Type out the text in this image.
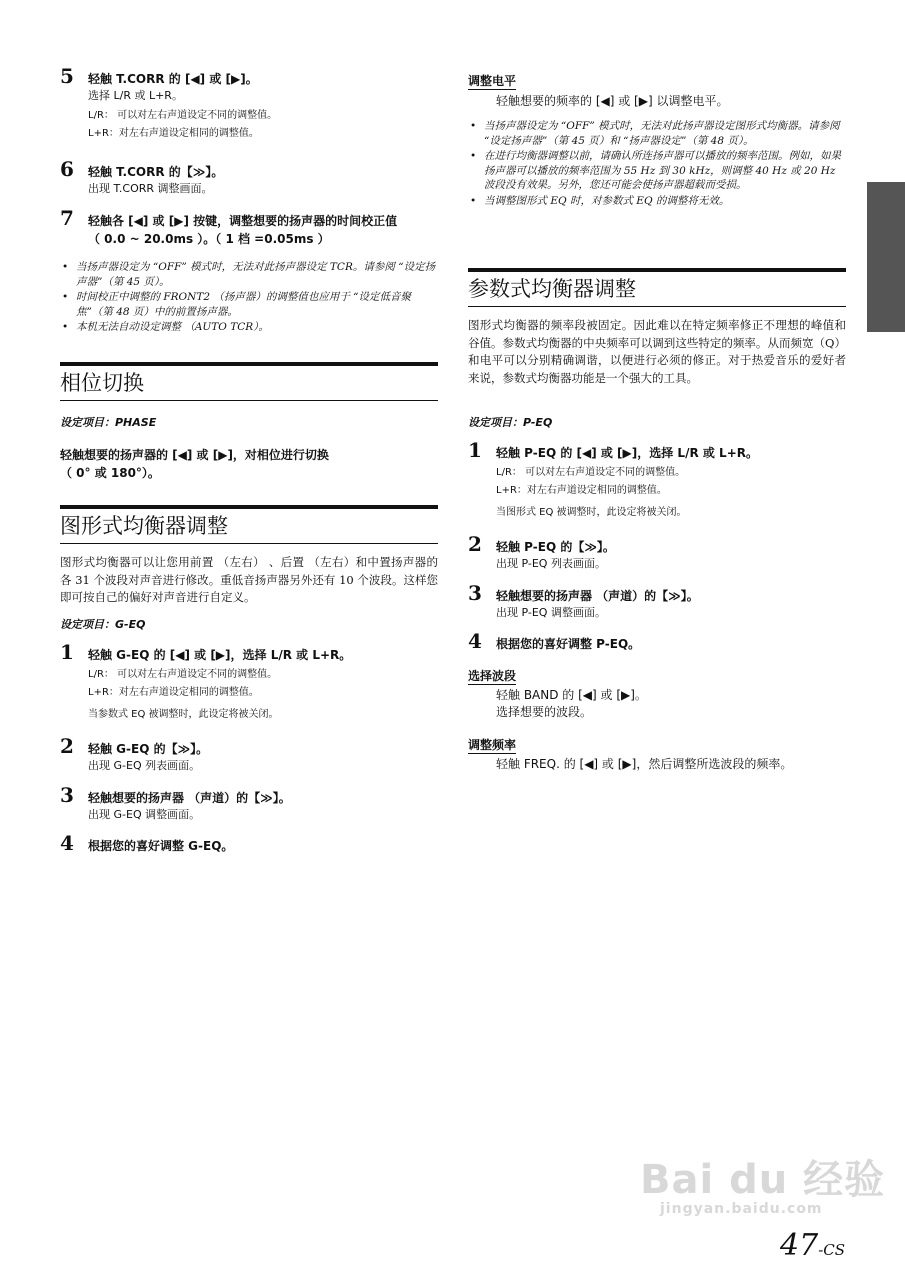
5 轻触 T.CORR 的 [◀] 或 [▶]。
选择 L/R 或 L+R。
L/R： 可以对左右声道设定不同的调整值。
L+R：对左右声道设定相同的调整值。
6 轻触 T.CORR 的【≫】。
出现 T.CORR 调整画面。
7 轻触各 [◀] 或 [▶] 按键，调整想要的扬声器的时间校正值
（ 0.0 ~ 20.0ms ）。（ 1 档 =0.05ms ）
• 当扬声器设定为 “OFF” 模式时，无法对此扬声器设定 TCR。请参阅 “设定扬声器”（第 45 页）。
• 时间校正中调整的 FRONT2 （扬声器）的调整值也应用于 “设定低音聚焦”（第 48 页）中的前置扬声器。
• 本机无法自动设定调整 （AUTO TCR）。
相位切换
设定项目：PHASE
轻触想要的扬声器的 [◀] 或 [▶]，对相位进行切换
（ 0° 或 180°）。
图形式均衡器调整
图形式均衡器可以让您用前置 （左右） 、后置 （左右）和中置扬声器的各 31 个波段对声音进行修改。重低音扬声器另外还有 10 个波段。这样您即可按自己的偏好对声音进行自定义。
设定项目：G-EQ
1 轻触 G-EQ 的 [◀] 或 [▶]，选择 L/R 或 L+R。
L/R： 可以对左右声道设定不同的调整值。
L+R：对左右声道设定相同的调整值。
当参数式 EQ 被调整时，此设定将被关闭。
2 轻触 G-EQ 的【≫】。
出现 G-EQ 列表画面。
3 轻触想要的扬声器 （声道）的【≫】。
出现 G-EQ 调整画面。
4 根据您的喜好调整 G-EQ。
调整电平
轻触想要的频率的 [◀] 或 [▶] 以调整电平。
• 当扬声器设定为 “OFF” 模式时，无法对此扬声器设定图形式均衡器。请参阅 “设定扬声器”（第 45 页）和 “扬声器设定”（第 48 页）。
• 在进行均衡器调整以前，请确认所连扬声器可以播放的频率范围。例如，如果扬声器可以播放的频率范围为 55 Hz 到 30 kHz，则调整 40 Hz 或 20 Hz 波段没有效果。另外，您还可能会使扬声器超载而受损。
• 当调整图形式 EQ 时，对参数式 EQ 的调整将无效。
参数式均衡器调整
图形式均衡器的频率段被固定。因此难以在特定频率修正不理想的峰值和谷值。参数式均衡器的中央频率可以调到这些特定的频率。从而频宽（Q）和电平可以分别精确调谐，以便进行必须的修正。对于热爱音乐的爱好者来说，参数式均衡器功能是一个强大的工具。
设定项目：P-EQ
1 轻触 P-EQ 的 [◀] 或 [▶]，选择 L/R 或 L+R。
L/R： 可以对左右声道设定不同的调整值。
L+R：对左右声道设定相同的调整值。
当图形式 EQ 被调整时，此设定将被关闭。
2 轻触 P-EQ 的【≫】。
出现 P-EQ 列表画面。
3 轻触想要的扬声器 （声道）的【≫】。
出现 P-EQ 调整画面。
4 根据您的喜好调整 P-EQ。
选择波段
轻触 BAND 的 [◀] 或 [▶]。
选择想要的波段。
调整频率
轻触 FREQ. 的 [◀] 或 [▶]，然后调整所选波段的频率。
Bai du 经验
jingyan.baidu.com
47-CS
